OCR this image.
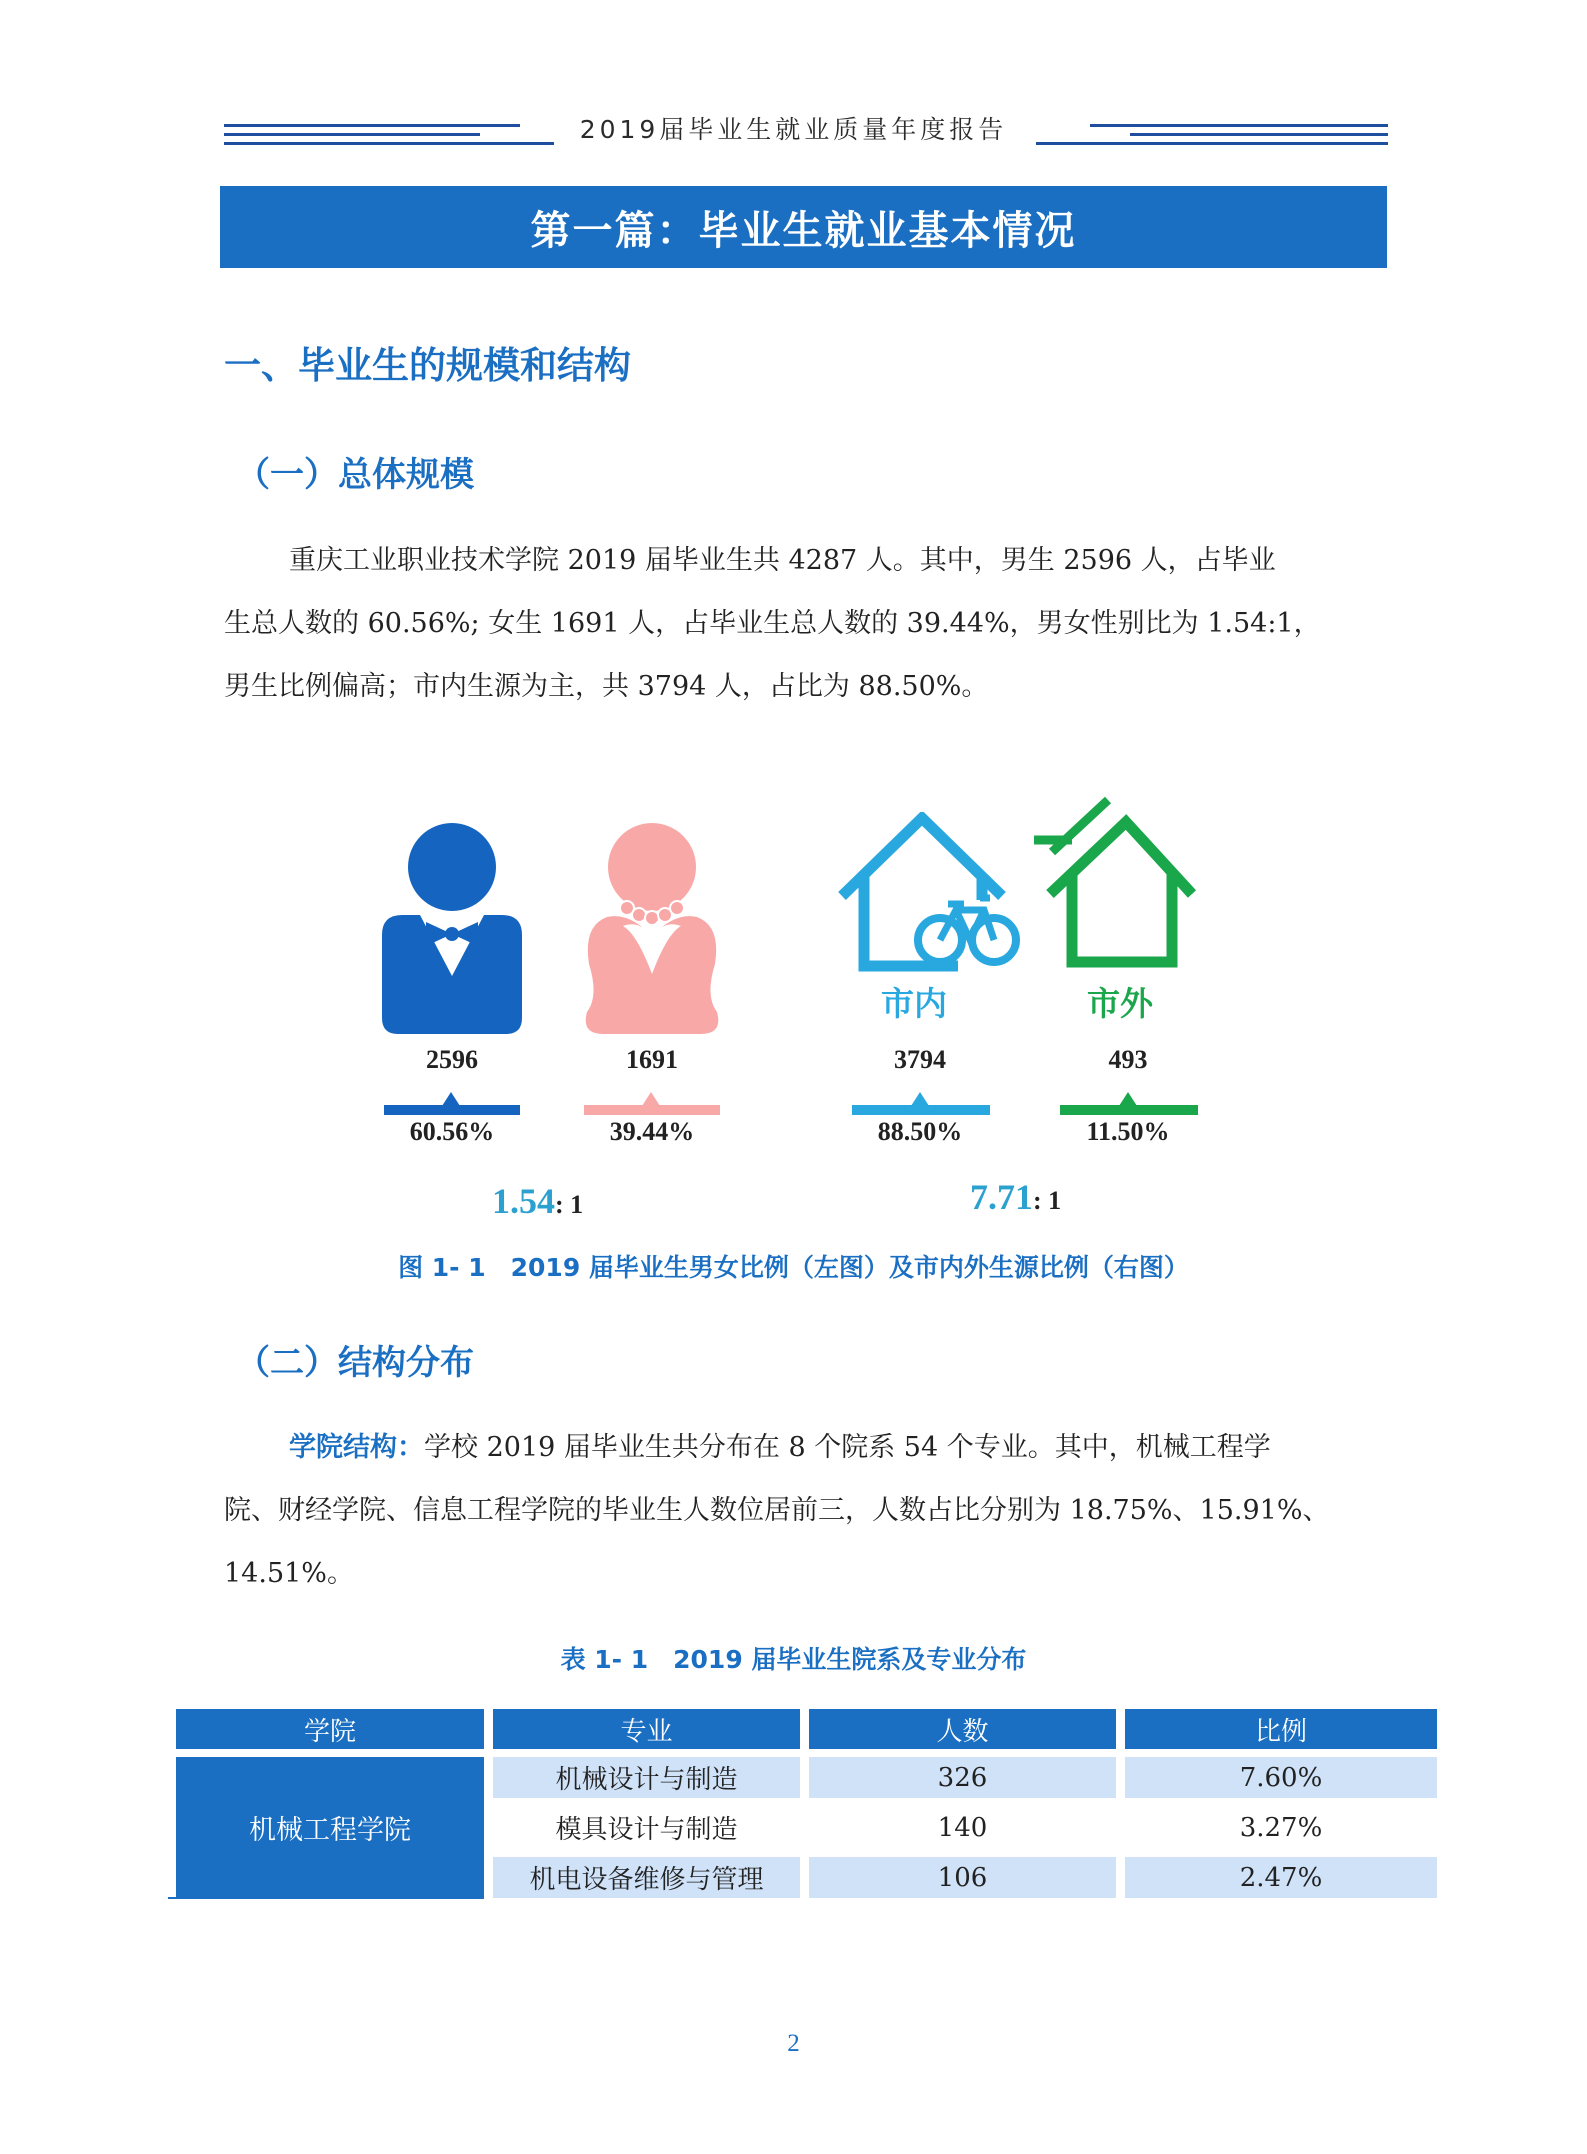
2019届毕业生就业质量年度报告
第一篇：毕业生就业基本情况
一、毕业生的规模和结构
（一）总体规模
重庆工业职业技术学院 2019 届毕业生共 4287 人。其中，男生 2596 人，占毕业
生总人数的 60.56%; 女生 1691 人，占毕业生总人数的 39.44%，男女性别比为 1.54:1，
男生比例偏高；市内生源为主，共 3794 人，占比为 88.50%。
市内	市外
2596	1691	3794	493
60.56%	39.44%	88.50%	11.50%
1.54: 1	7.71: 1
图 1- 1　2019 届毕业生男女比例（左图）及市内外生源比例（右图）
（二）结构分布
学院结构：学校 2019 届毕业生共分布在 8 个院系 54 个专业。其中，机械工程学
院、财经学院、信息工程学院的毕业生人数位居前三，人数占比分别为 18.75%、15.91%、
14.51%。
表 1- 1　2019 届毕业生院系及专业分布
学院	专业	人数	比例
机械工程学院
机械设计与制造	326	7.60%
模具设计与制造	140	3.27%
机电设备维修与管理	106	2.47%
2
